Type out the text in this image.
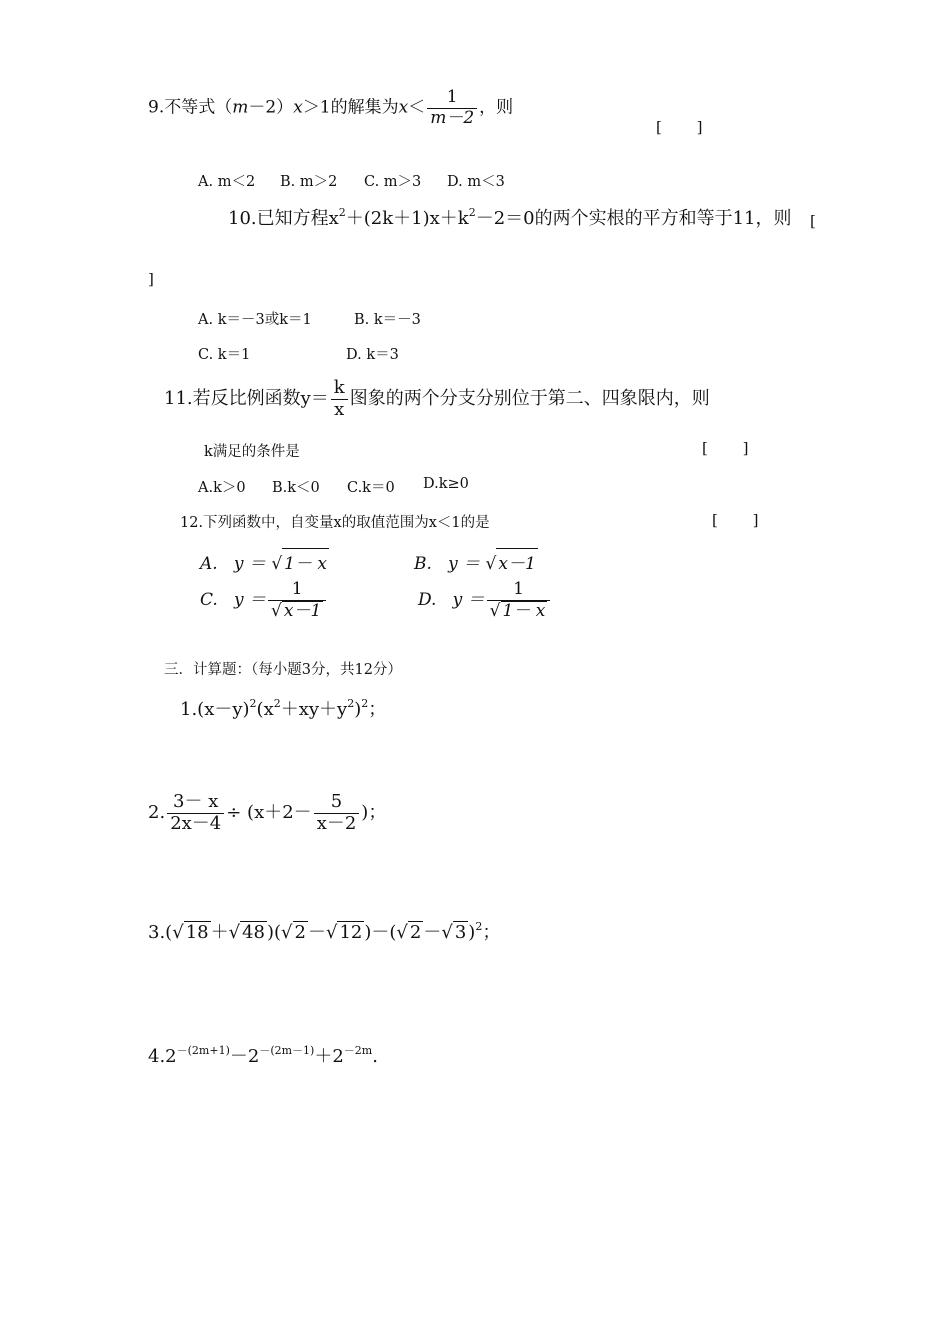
9.不等式（m－2）x＞1的解集为$x< \frac{1}{m-2}$ ，则
[ ]
A. m＜2 B. m＞2 C. m＞3 D. m＜3
10.已知方程$x^2+(2k+1)x+k^2-2=0$的两个实根的平方和等于11，则 [
]
A. k＝－3或k＝1	B. k＝－3
C. k＝1	D. k＝3
11.若反比例函数$y= \frac{k}{x}$ 图象的两个分支分别位于第二、四象限内，则
k满足的条件是	[ ]
A.k＞0 B.k＜0 C.k＝0 D.k≥0
12.下列函数中，自变量x的取值范围为x＜1的是	[ ]
A. y ＝ √ 1－ x	B. y ＝ √ x－1
C. $y = \frac{1}{√ x-1}$	D. $y = \frac{1}{√ 1- x}$
三．计算题：（每小题3分，共12分）
$1.(x-y)^2(x^2+xy+y^2)^2$；
2. $\frac{3- x}{2x-4} \div (x+2- \frac{5}{x-2}$ )；
3.(√ 18 ＋√ 48 )(√ 2 －√ 12 )－(√ 2 －√ 3 )$^2$；
$4.2^{-(2m+1)}-2^{-(2m-1)}+2^{-2m}$.
